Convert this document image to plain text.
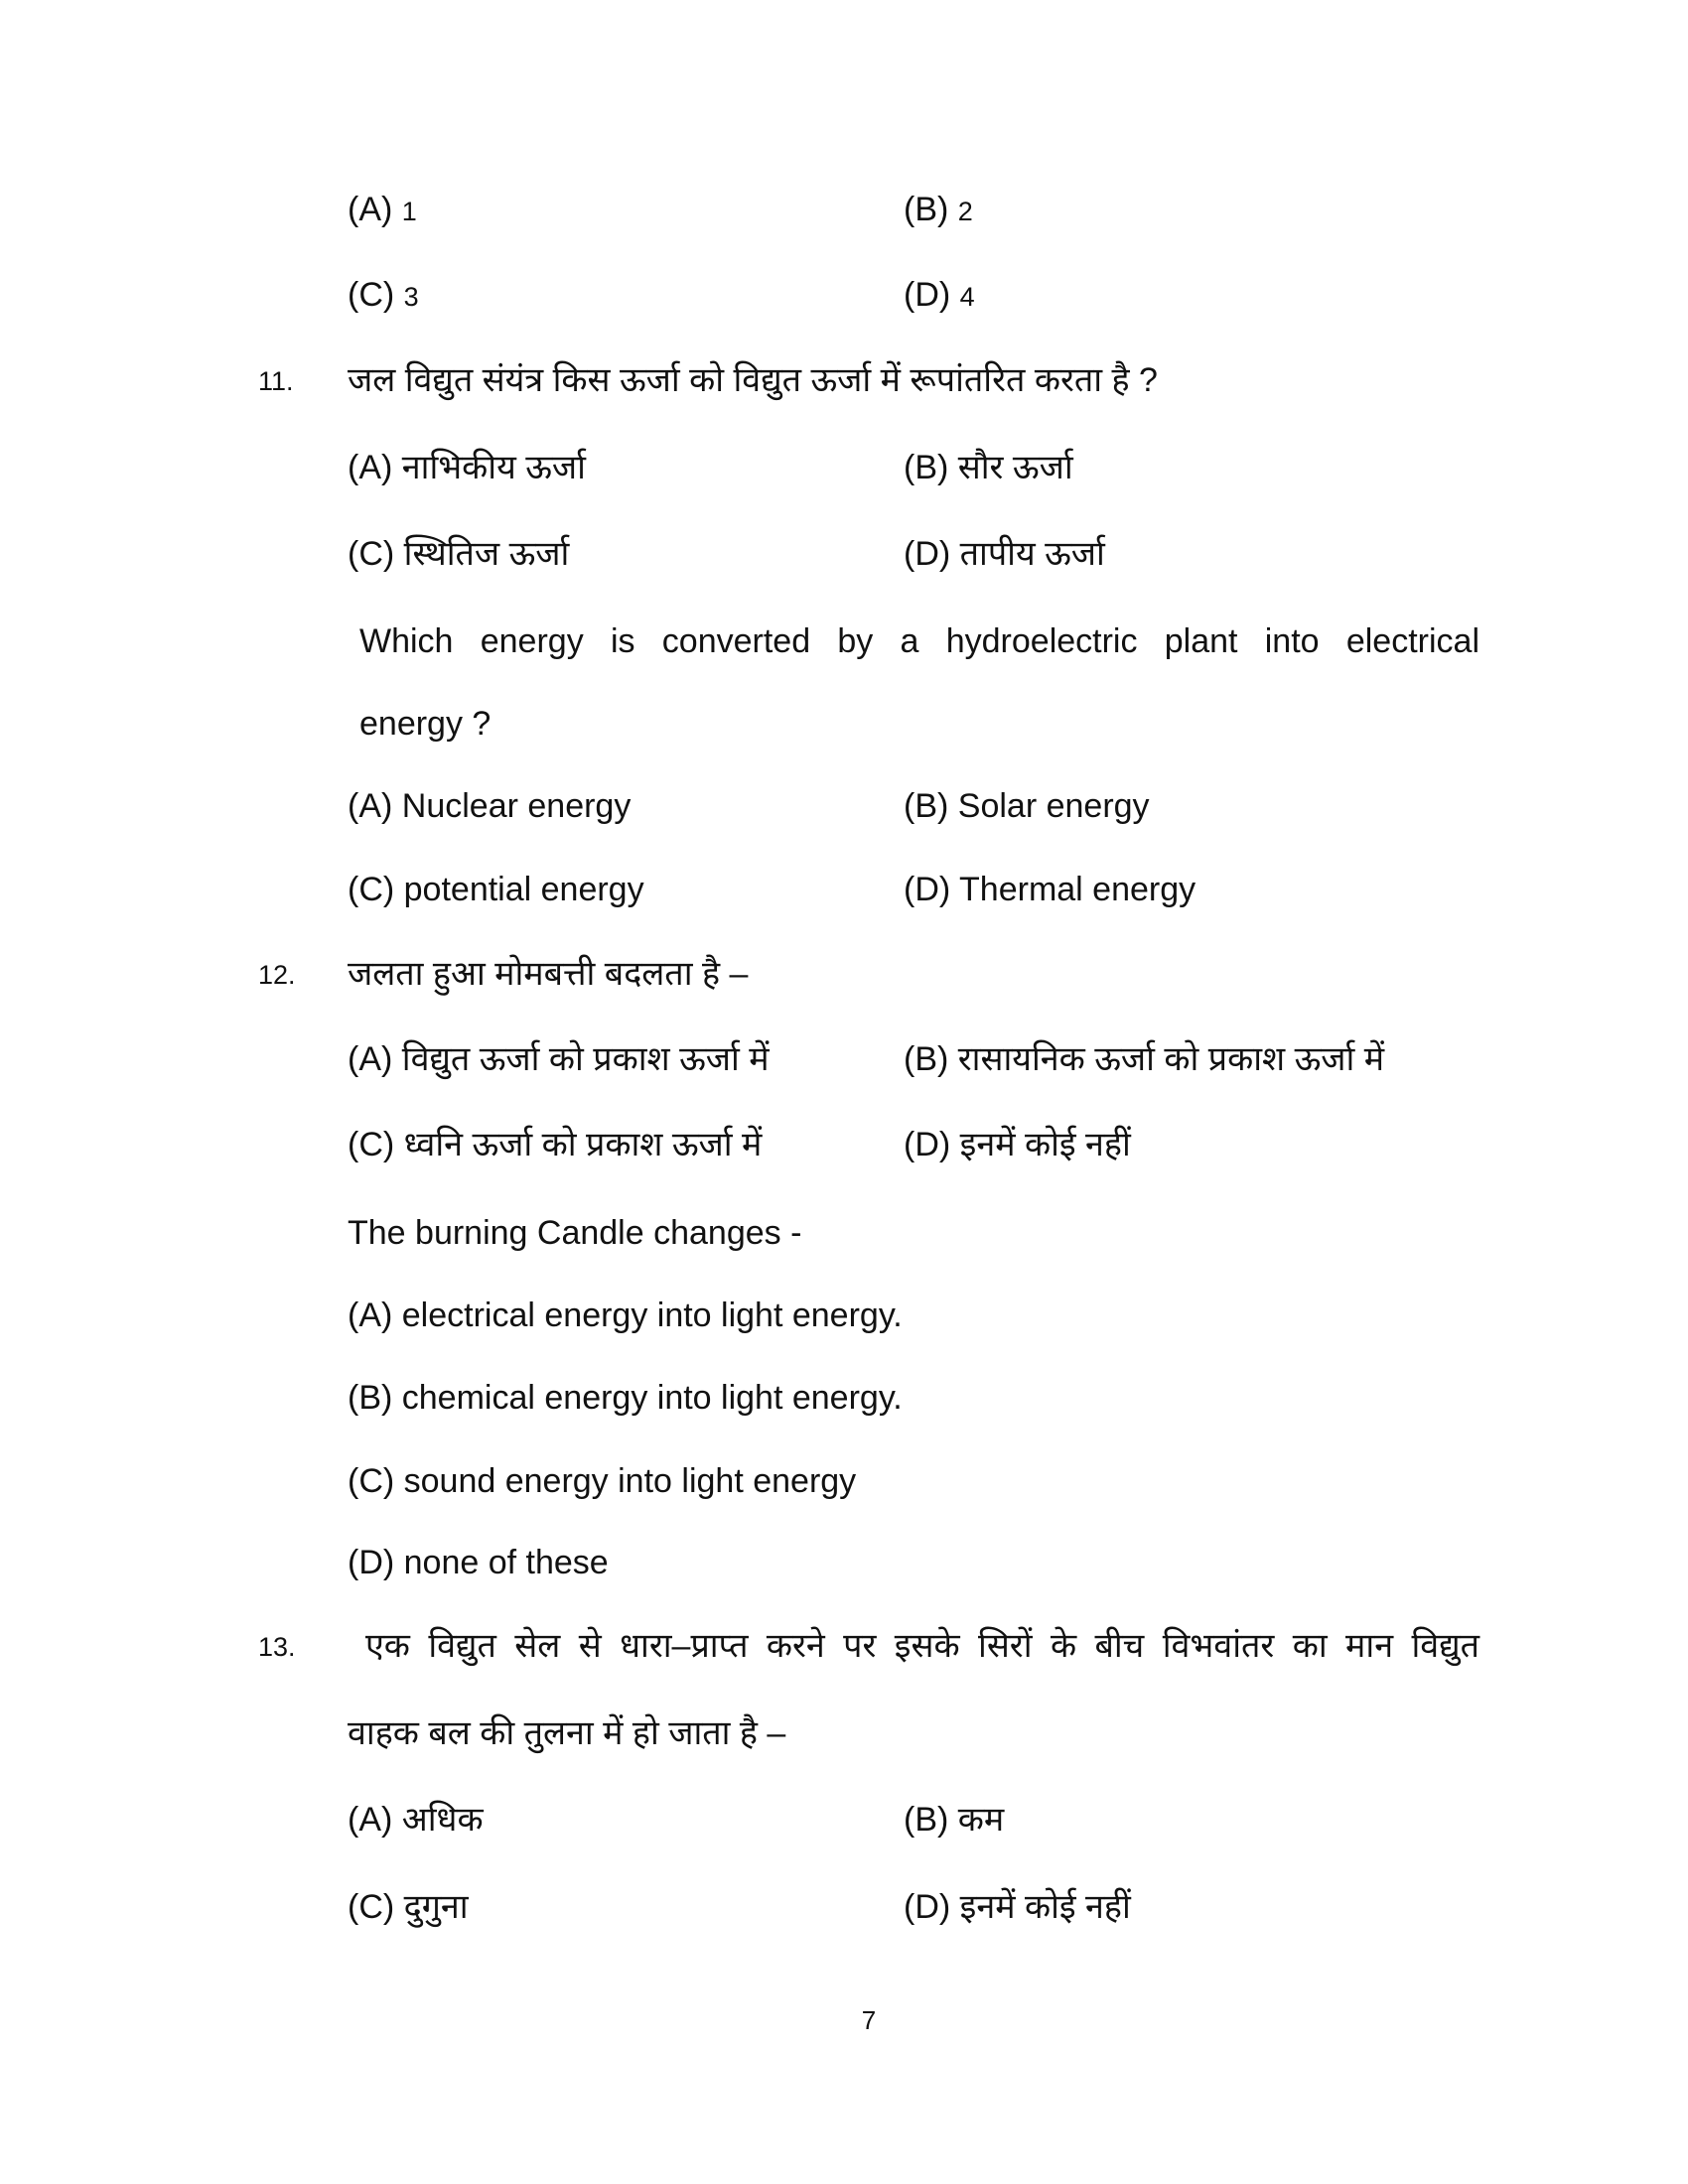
(A) 1	(B) 2
(C) 3	(D) 4
11. जल विद्युत संयंत्र किस ऊर्जा को विद्युत ऊर्जा में रूपांतरित करता है ?
(A) नाभिकीय ऊर्जा	(B) सौर ऊर्जा
(C) स्थितिज ऊर्जा	(D) तापीय ऊर्जा
Which energy is converted by a hydroelectric plant into electrical
energy ?
(A) Nuclear energy	(B) Solar energy
(C) potential energy	(D) Thermal energy
12. जलता हुआ मोमबत्ती बदलता है –
(A) विद्युत ऊर्जा को प्रकाश ऊर्जा में	(B) रासायनिक ऊर्जा को प्रकाश ऊर्जा में
(C) ध्वनि ऊर्जा को प्रकाश ऊर्जा में	(D) इनमें कोई नहीं
The burning Candle changes -
(A) electrical energy into light energy.
(B) chemical energy into light energy.
(C) sound energy into light energy
(D) none of these
13. एक विद्युत सेल से धारा–प्राप्त करने पर इसके सिरों के बीच विभवांतर का मान विद्युत
वाहक बल की तुलना में हो जाता है –
(A) अधिक	(B) कम
(C) दुगुना	(D) इनमें कोई नहीं
7
